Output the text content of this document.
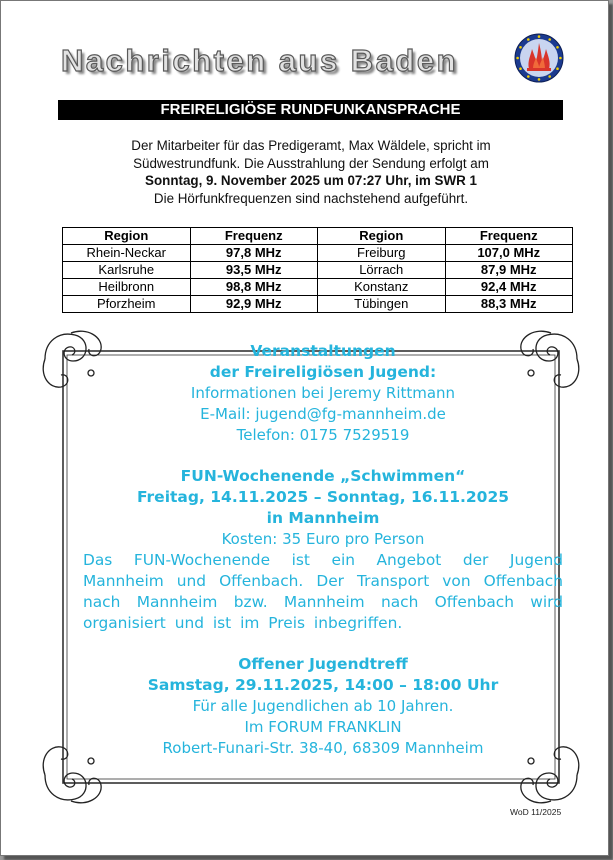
Nachrichten aus Baden
FREIRELIGIÖSE RUNDFUNKANSPRACHE
Der Mitarbeiter für das Predigeramt, Max Wäldele, spricht im
Südwestrundfunk. Die Ausstrahlung der Sendung erfolgt am
Sonntag, 9. November 2025 um 07:27 Uhr, im SWR 1
Die Hörfunkfrequenzen sind nachstehend aufgeführt.
Region	Frequenz	Region	Frequenz
Rhein-Neckar	97,8 MHz	Freiburg	107,0 MHz
Karlsruhe	93,5 MHz	Lörrach	87,9 MHz
Heilbronn	98,8 MHz	Konstanz	92,4 MHz
Pforzheim	92,9 MHz	Tübingen	88,3 MHz
Veranstaltungen
der Freireligiösen Jugend:
Informationen bei Jeremy Rittmann
E-Mail: jugend@fg-mannheim.de
Telefon: 0175 7529519
FUN-Wochenende „Schwimmen“
Freitag, 14.11.2025 – Sonntag, 16.11.2025
in Mannheim
Kosten: 35 Euro pro Person
Das FUN-Wochenende ist ein Angebot der Jugend Mannheim und Offenbach. Der Transport von Offenbach nach Mannheim bzw. Mannheim nach Offenbach wird organisiert und ist im Preis inbegriffen.
Offener Jugendtreff
Samstag, 29.11.2025, 14:00 – 18:00 Uhr
Für alle Jugendlichen ab 10 Jahren.
Im FORUM FRANKLIN
Robert-Funari-Str. 38-40, 68309 Mannheim
WoD 11/2025
